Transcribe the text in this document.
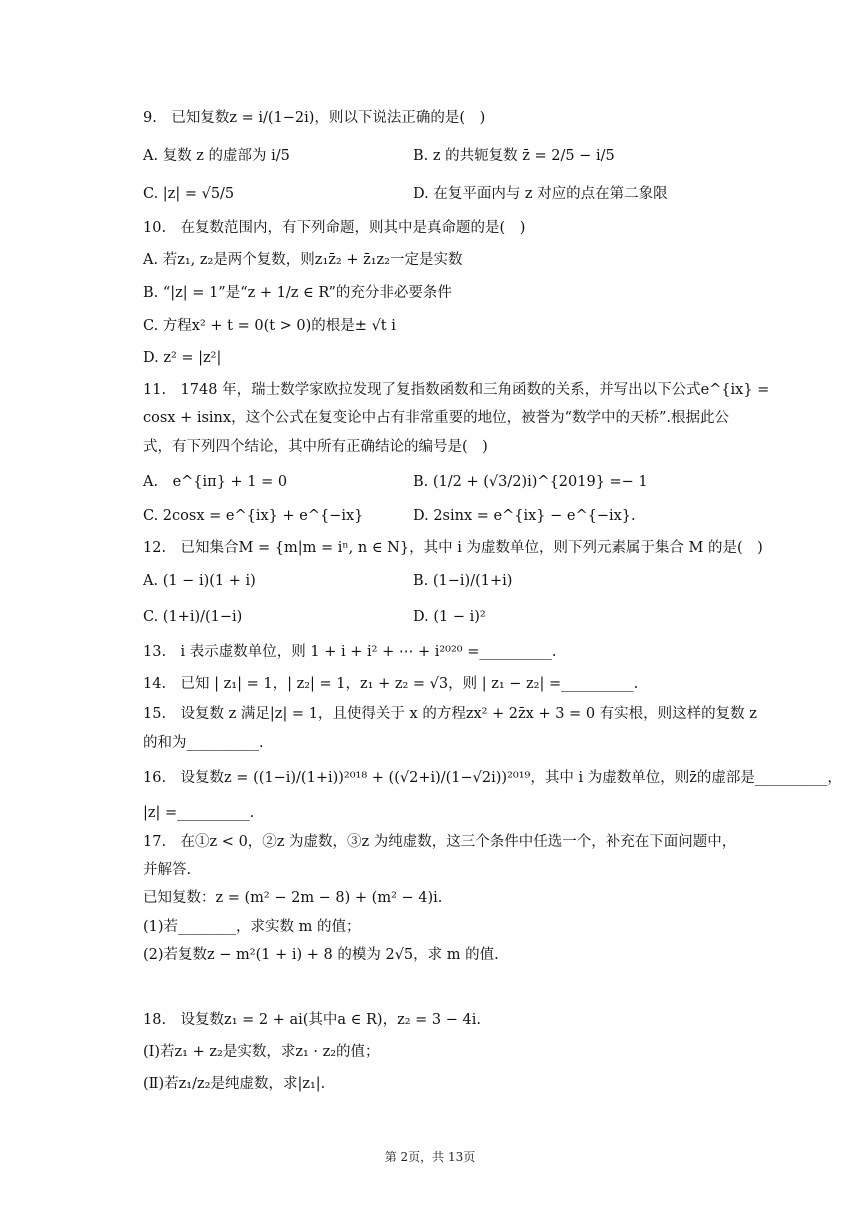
9.　已知复数z = i/(1−2i)，则以下说法正确的是(　)
A. 复数 z 的虚部为 i/5	B. z 的共轭复数 z̄ = 2/5 − i/5
C. |z| = √5/5	D. 在复平面内与 z 对应的点在第二象限
10.　在复数范围内，有下列命题，则其中是真命题的是(　)
A. 若z₁, z₂是两个复数，则z₁z̄₂ + z̄₁z₂一定是实数
B. “|z| = 1”是“z + 1/z ∈ R”的充分非必要条件
C. 方程x² + t = 0(t > 0)的根是± √t i
D. z² = |z²|
11.　1748 年，瑞士数学家欧拉发现了复指数函数和三角函数的关系，并写出以下公式e^{ix} =
cosx + isinx，这个公式在复变论中占有非常重要的地位，被誉为“数学中的天桥”.根据此公
式，有下列四个结论，其中所有正确结论的编号是(　)
A.　e^{iπ} + 1 = 0	B. (1/2 + (√3/2)i)^{2019} =− 1
C. 2cosx = e^{ix} + e^{−ix}	D. 2sinx = e^{ix} − e^{−ix}.
12.　已知集合M = {m|m = iⁿ, n ∈ N}，其中 i 为虚数单位，则下列元素属于集合 M 的是(　)
A. (1 − i)(1 + i)	B. (1−i)/(1+i)
C. (1+i)/(1−i)	D. (1 − i)²
13.　i 表示虚数单位，则 1 + i + i² + ⋯ + i²⁰²⁰ =__________.
14.　已知 | z₁| = 1，| z₂| = 1，z₁ + z₂ = √3，则 | z₁ − z₂| =__________.
15.　设复数 z 满足|z| = 1，且使得关于 x 的方程zx² + 2z̄x + 3 = 0 有实根，则这样的复数 z
的和为__________.
16.　设复数z = ((1−i)/(1+i))²⁰¹⁸ + ((√2+i)/(1−√2i))²⁰¹⁹，其中 i 为虚数单位，则z̄的虚部是__________，
|z| =__________.
17.　在①z < 0，②z 为虚数，③z 为纯虚数，这三个条件中任选一个，补充在下面问题中，
并解答.
已知复数：z = (m² − 2m − 8) + (m² − 4)i.
(1)若________，求实数 m 的值；
(2)若复数z − m²(1 + i) + 8 的模为 2√5，求 m 的值.
18.　设复数z₁ = 2 + ai(其中a ∈ R)，z₂ = 3 − 4i.
(Ⅰ)若z₁ + z₂是实数，求z₁ · z₂的值；
(Ⅱ)若z₁/z₂是纯虚数，求|z₁|.
第 2页，共 13页
